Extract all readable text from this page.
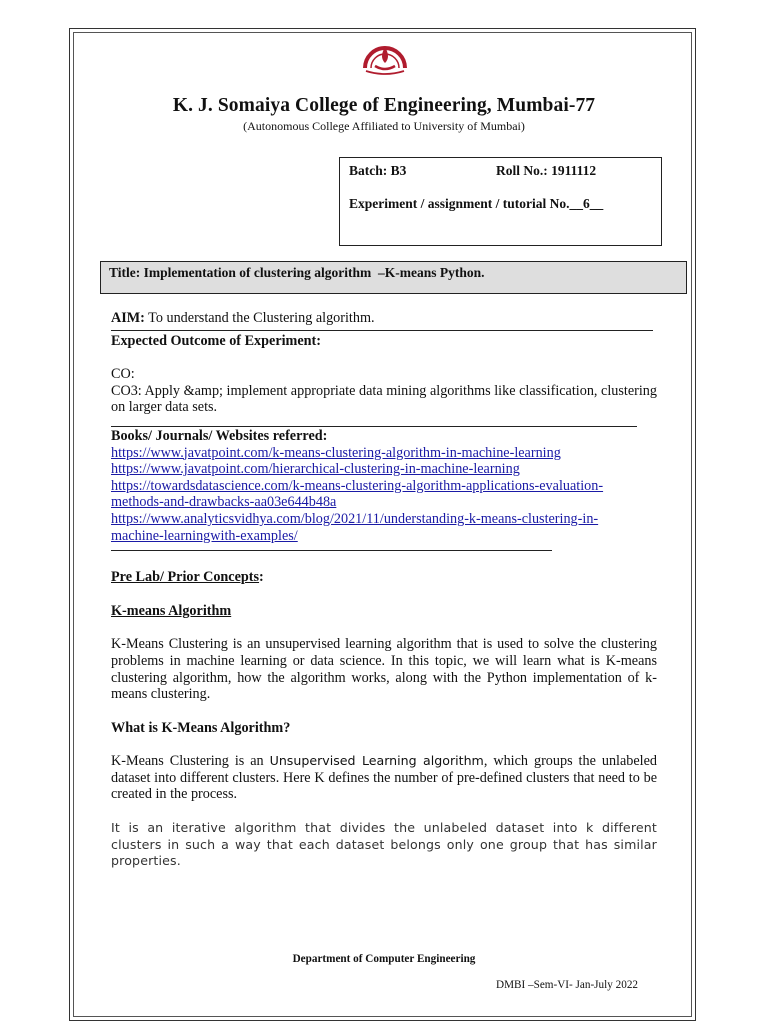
K. J. Somaiya College of Engineering, Mumbai-77
(Autonomous College Affiliated to University of Mumbai)
Batch: B3	Roll No.: 1911112
Experiment / assignment / tutorial No.__6__
Title: Implementation of clustering algorithm  –K-means Python.

AIM: To understand the Clustering algorithm.

Expected Outcome of Experiment:

CO:

CO3: Apply &amp; implement appropriate data mining algorithms like classification, clustering on larger data sets.

Books/ Journals/ Websites referred:

https://www.javatpoint.com/k-means-clustering-algorithm-in-machine-learning

https://www.javatpoint.com/hierarchical-clustering-in-machine-learning

https://towardsdatascience.com/k-means-clustering-algorithm-applications-evaluation-methods-and-drawbacks-aa03e644b48a

https://www.analyticsvidhya.com/blog/2021/11/understanding-k-means-clustering-in-machine-learningwith-examples/

Pre Lab/ Prior Concepts:

K-means Algorithm

K-Means Clustering is an unsupervised learning algorithm that is used to solve the clustering problems in machine learning or data science. In this topic, we will learn what is K-means clustering algorithm, how the algorithm works, along with the Python implementation of k-means clustering.

What is K-Means Algorithm?

K-Means Clustering is an Unsupervised Learning algorithm, which groups the unlabeled dataset into different clusters. Here K defines the number of pre-defined clusters that need to be created in the process.

It is an iterative algorithm that divides the unlabeled dataset into k different clusters in such a way that each dataset belongs only one group that has similar properties.

Department of Computer Engineering
DMBI –Sem-VI- Jan-July 2022
